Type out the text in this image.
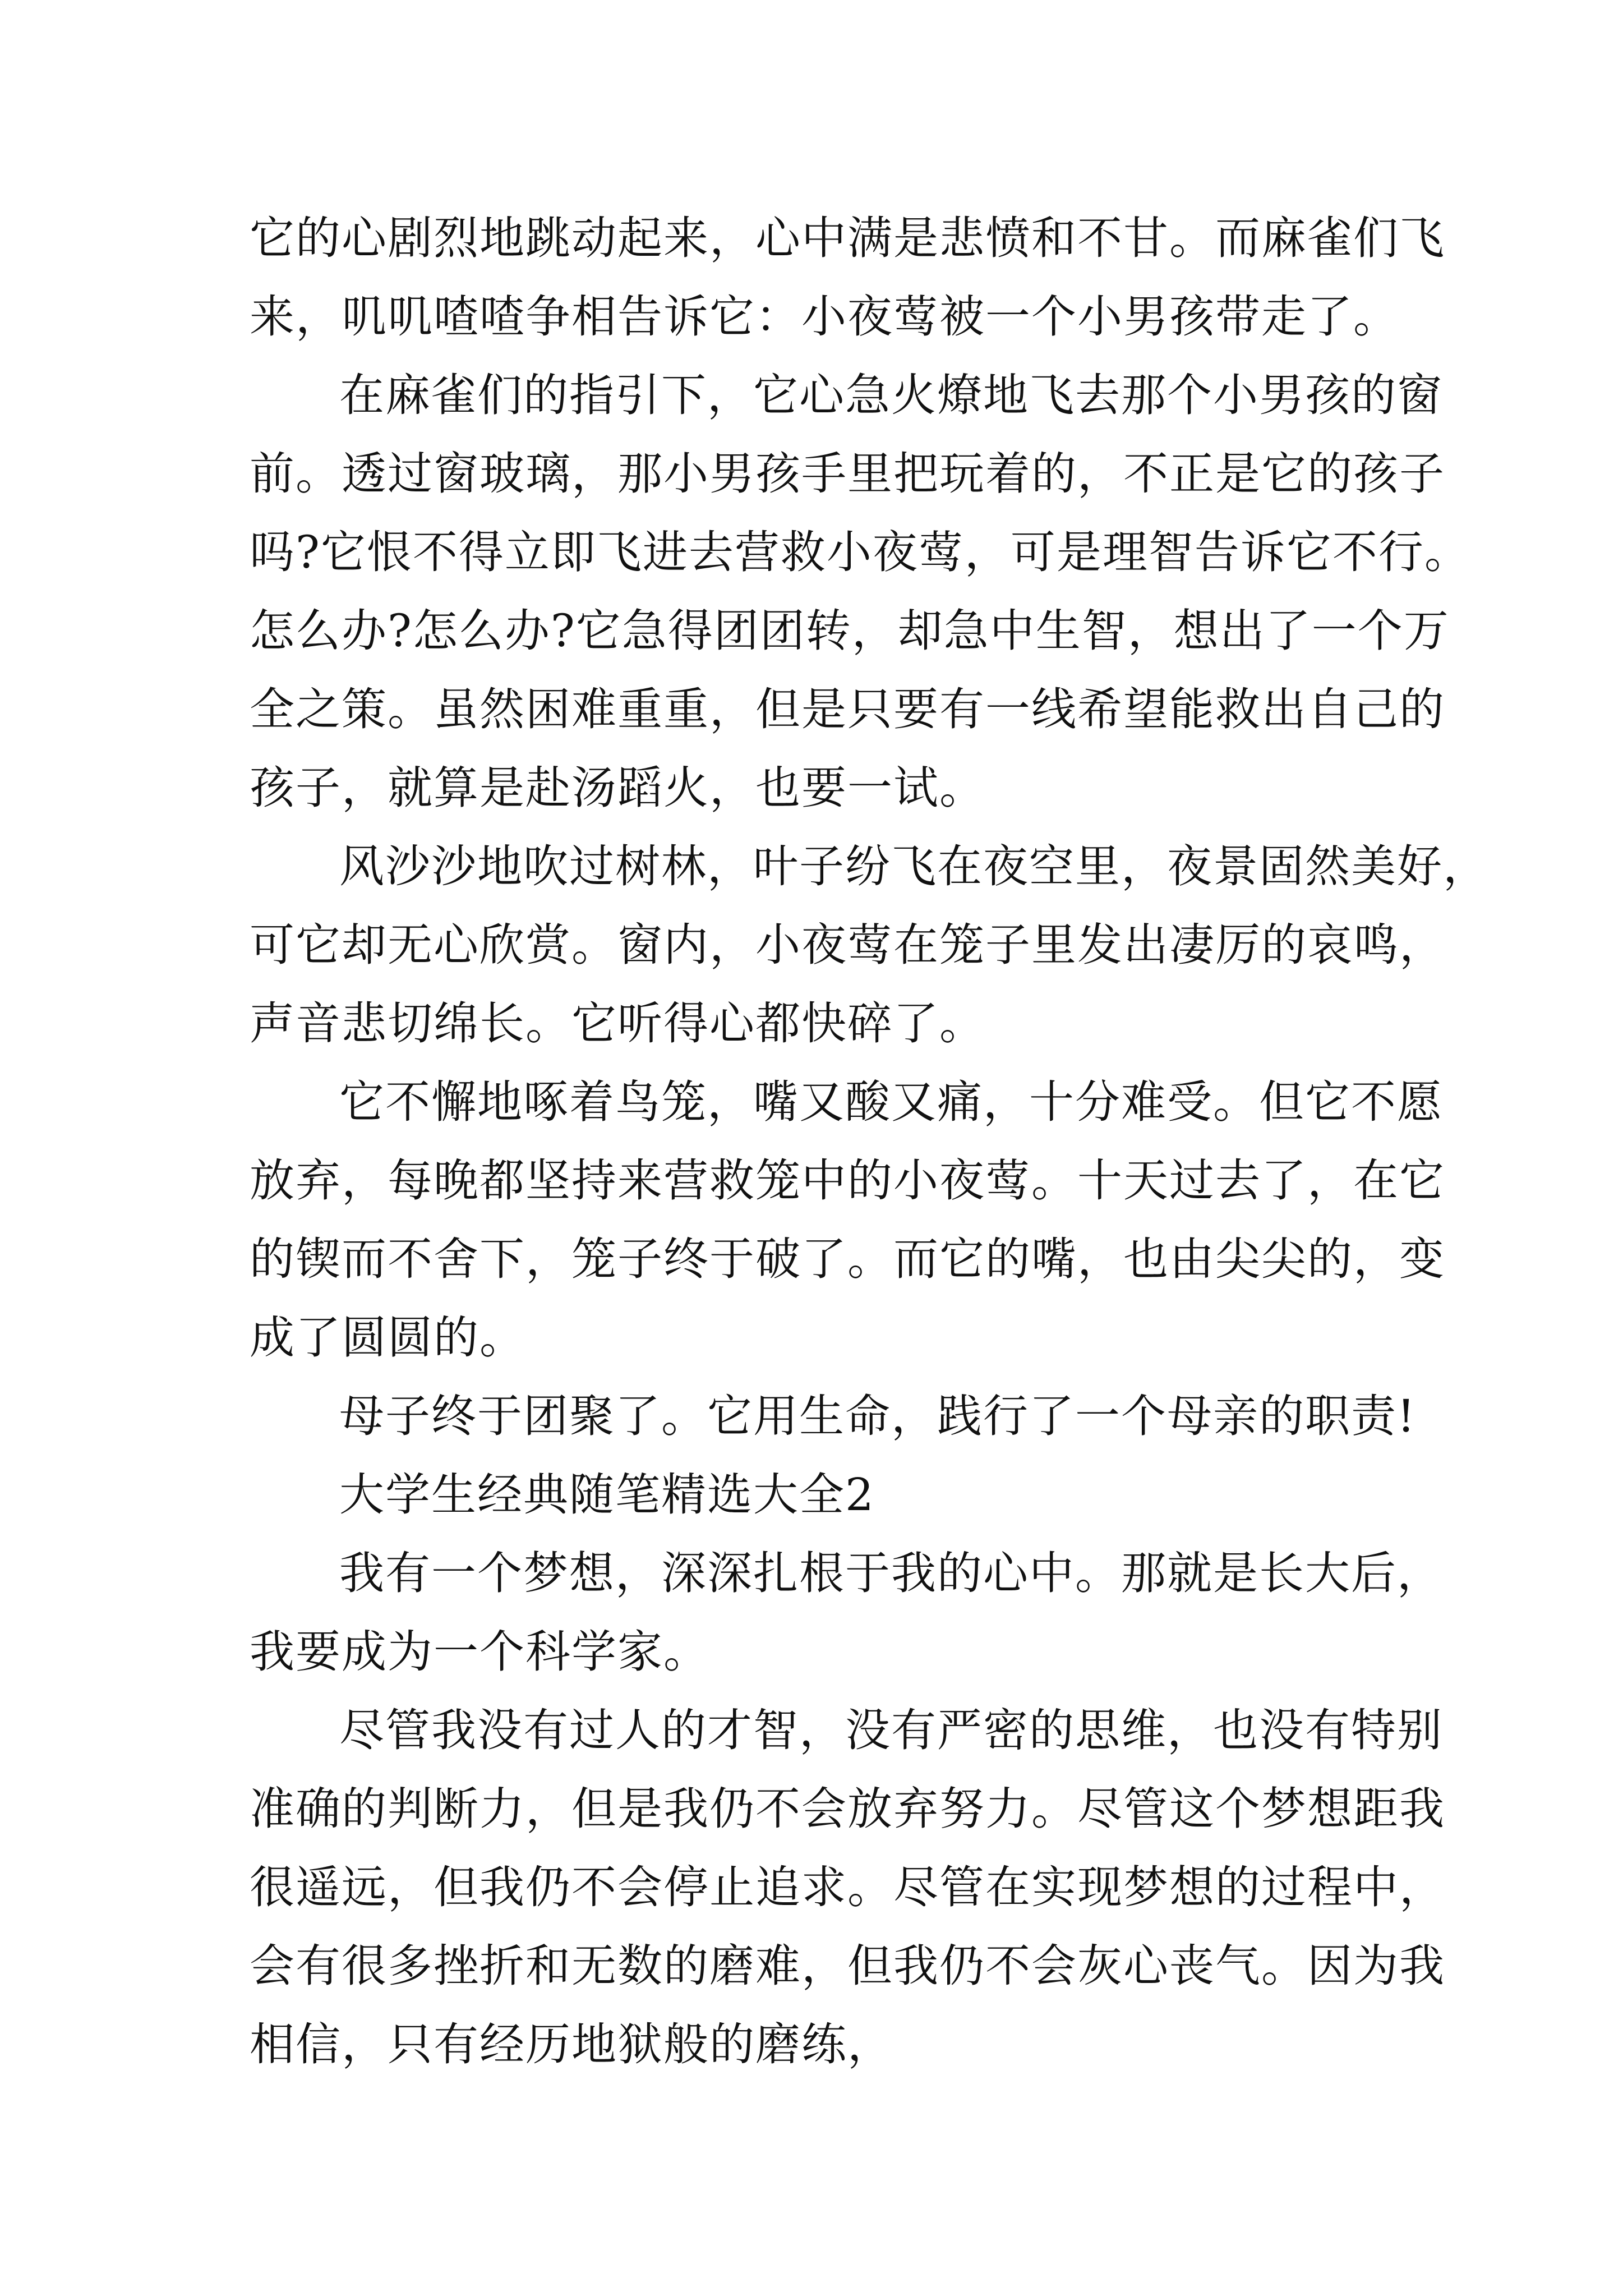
它的心剧烈地跳动起来，心中满是悲愤和不甘。而麻雀们飞
来，叽叽喳喳争相告诉它：小夜莺被一个小男孩带走了。
在麻雀们的指引下，它心急火燎地飞去那个小男孩的窗
前。透过窗玻璃，那小男孩手里把玩着的，不正是它的孩子
吗?它恨不得立即飞进去营救小夜莺，可是理智告诉它不行。
怎么办?怎么办?它急得团团转，却急中生智，想出了一个万
全之策。虽然困难重重，但是只要有一线希望能救出自己的
孩子，就算是赴汤蹈火，也要一试。
风沙沙地吹过树林，叶子纷飞在夜空里，夜景固然美好，
可它却无心欣赏。窗内，小夜莺在笼子里发出凄厉的哀鸣，
声音悲切绵长。它听得心都快碎了。
它不懈地啄着鸟笼，嘴又酸又痛，十分难受。但它不愿
放弃，每晚都坚持来营救笼中的小夜莺。十天过去了，在它
的锲而不舍下，笼子终于破了。而它的嘴，也由尖尖的，变
成了圆圆的。
母子终于团聚了。它用生命，践行了一个母亲的职责!
大学生经典随笔精选大全2
我有一个梦想，深深扎根于我的心中。那就是长大后，
我要成为一个科学家。
尽管我没有过人的才智，没有严密的思维，也没有特别
准确的判断力，但是我仍不会放弃努力。尽管这个梦想距我
很遥远，但我仍不会停止追求。尽管在实现梦想的过程中，
会有很多挫折和无数的磨难，但我仍不会灰心丧气。因为我
相信，只有经历地狱般的磨练，
